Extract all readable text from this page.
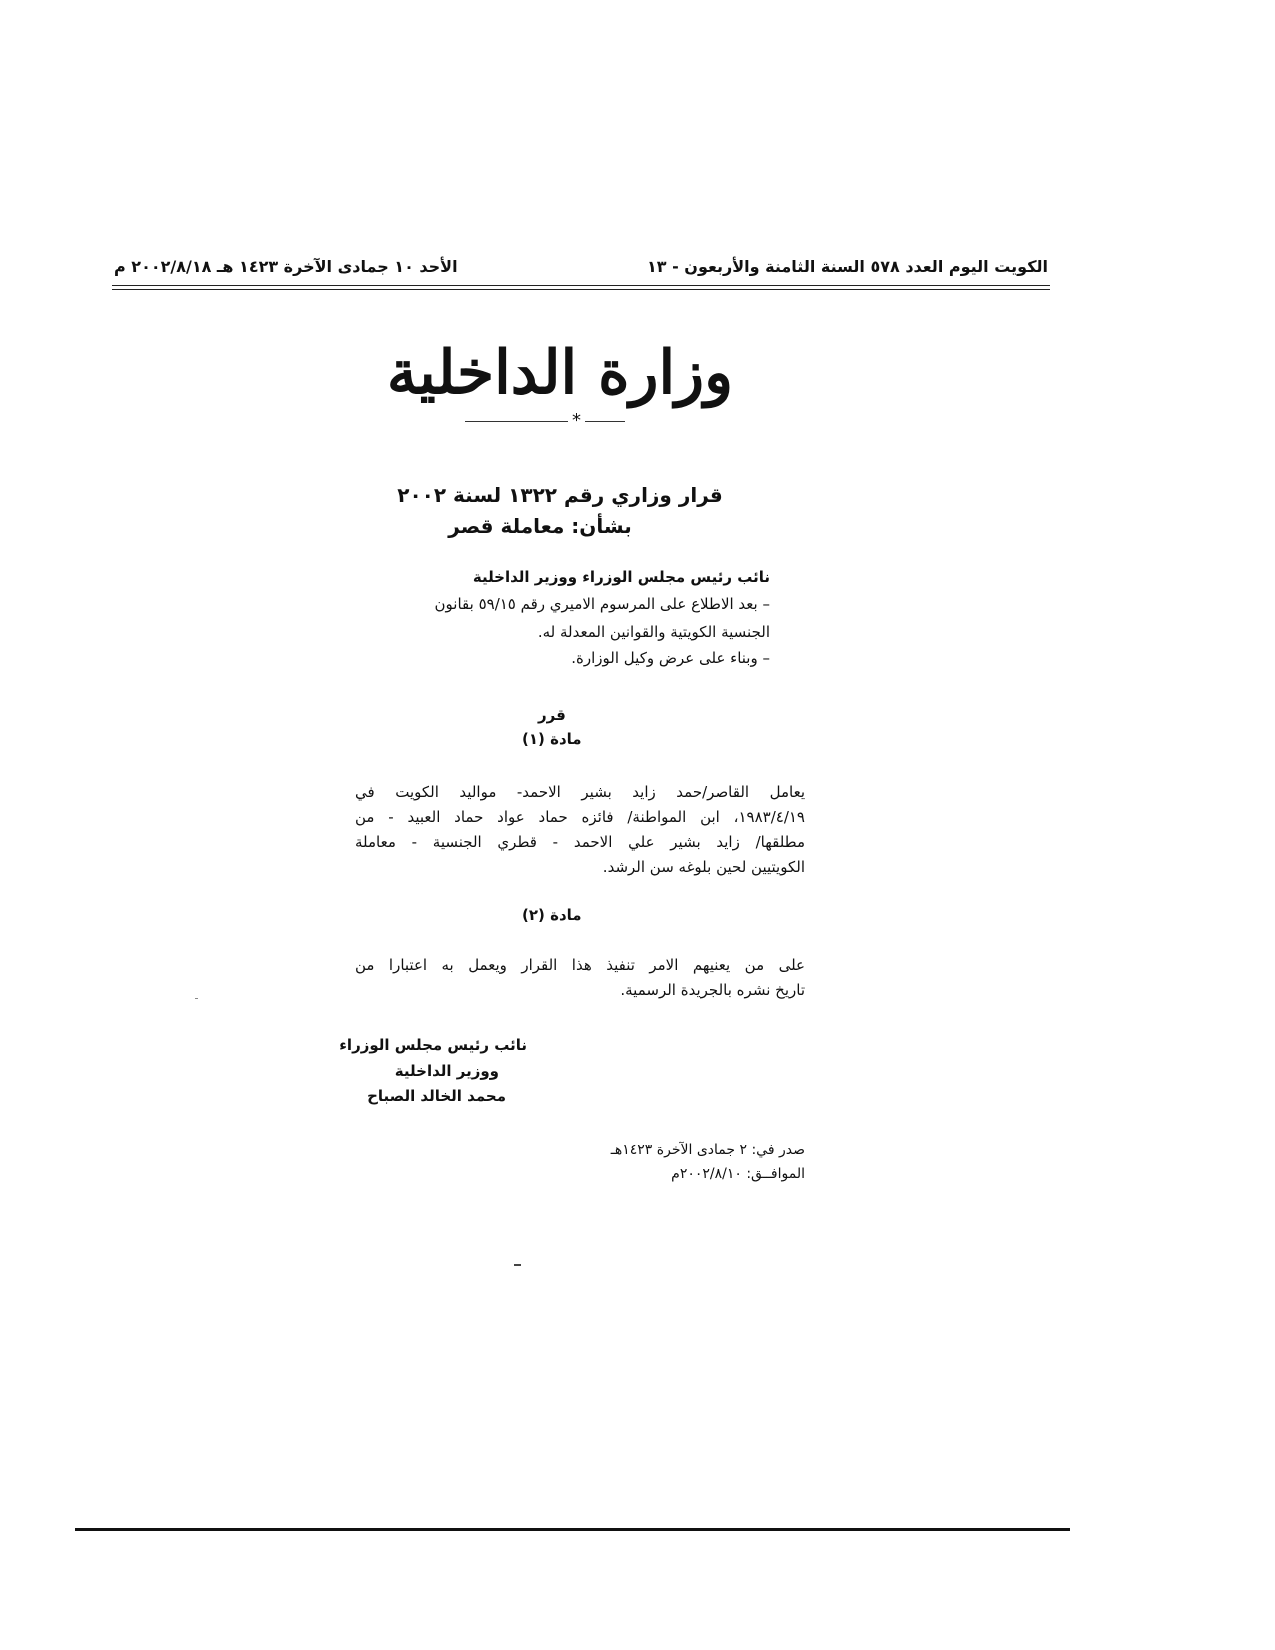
الكويت اليوم العدد ٥٧٨ السنة الثامنة والأربعون - ١٣
الأحد ١٠ جمادى الآخرة ١٤٢٣ هـ ٢٠٠٢/٨/١٨ م
وزارة الداخلية
*
قرار وزاري رقم ١٣٢٢ لسنة ٢٠٠٢
بشأن: معاملة قصر
نائب رئيس مجلس الوزراء ووزير الداخلية
– بعد الاطلاع على المرسوم الاميري رقم ٥٩/١٥ بقانون
الجنسية الكويتية والقوانين المعدلة له.
– وبناء على عرض وكيل الوزارة.
قرر
مادة (١)
يعامل القاصر/حمد زايد بشير الاحمد- مواليد الكويت في
١٩٨٣/٤/١٩، ابن المواطنة/ فائزه حماد عواد حماد العبيد - من
مطلقها/ زايد بشير علي الاحمد - قطري الجنسية - معاملة
الكويتيين لحين بلوغه سن الرشد.
مادة (٢)
على من يعنيهم الامر تنفيذ هذا القرار ويعمل به اعتبارا من
تاريخ نشره بالجريدة الرسمية.
نائب رئيس مجلس الوزراء
ووزير الداخلية
محمد الخالد الصباح
صدر في: ٢ جمادى الآخرة ١٤٢٣هـ
الموافــق: ٢٠٠٢/٨/١٠م
